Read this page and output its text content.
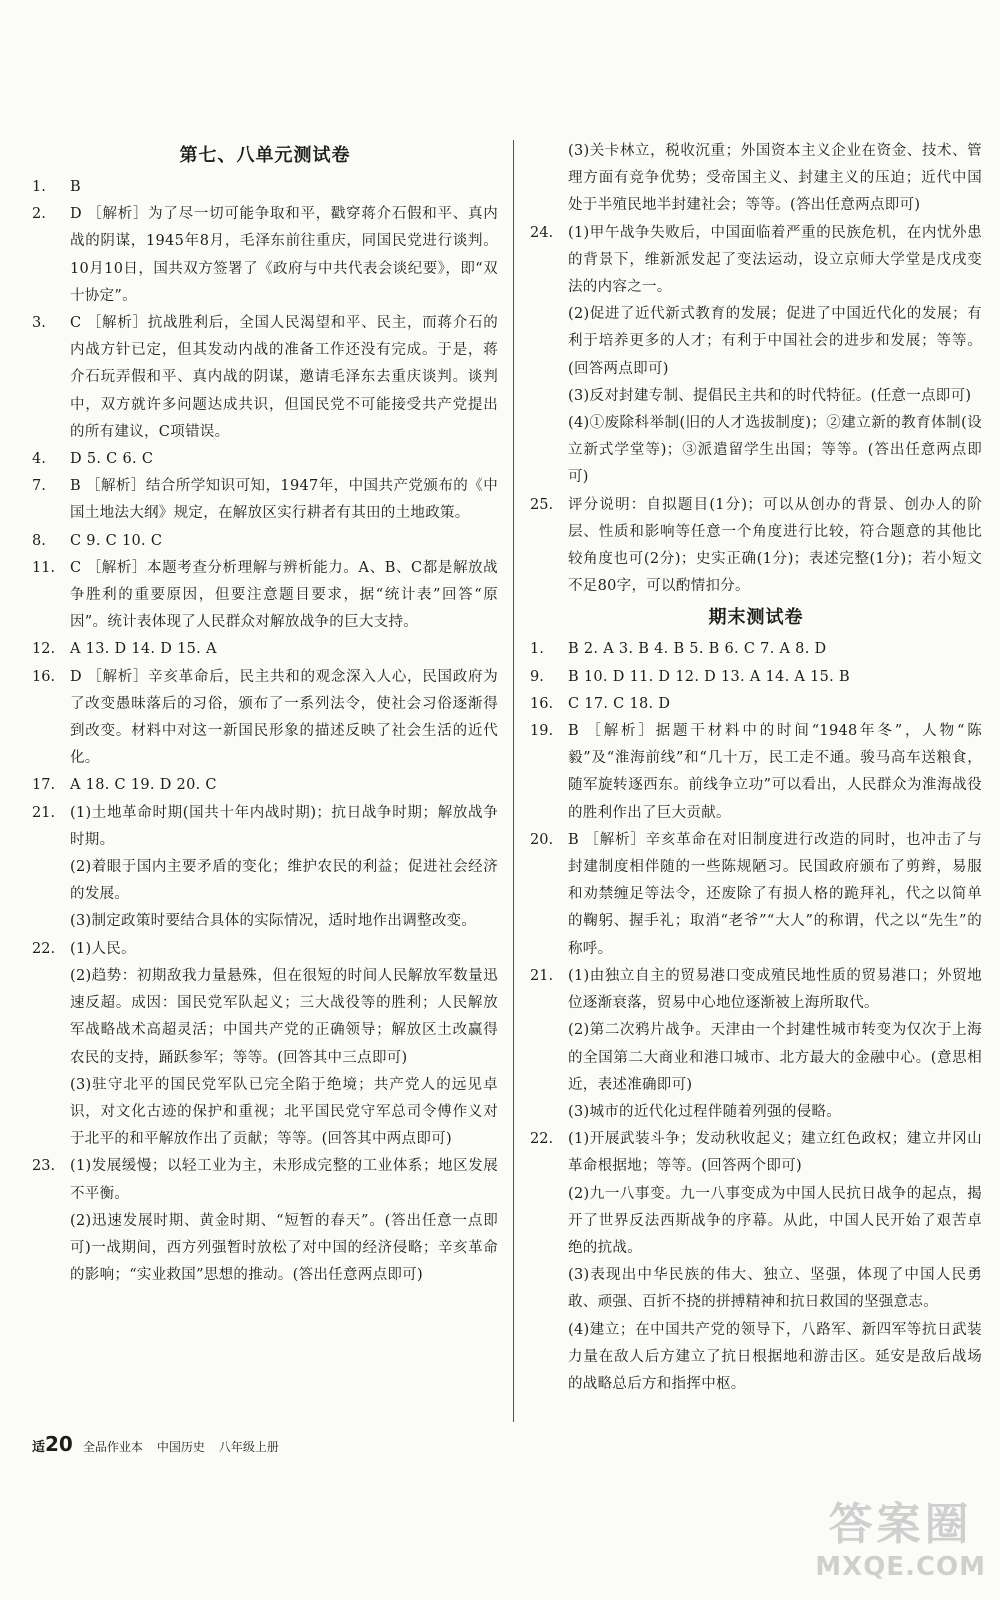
第七、八单元测试卷
1.	B
2.	D ［解析］为了尽一切可能争取和平，戳穿蒋介石假和平、真内战的阴谋，1945年8月，毛泽东前往重庆，同国民党进行谈判。10月10日，国共双方签署了《政府与中共代表会谈纪要》，即“双十协定”。
3.	C ［解析］抗战胜利后，全国人民渴望和平、民主，而蒋介石的内战方针已定，但其发动内战的准备工作还没有完成。于是，蒋介石玩弄假和平、真内战的阴谋，邀请毛泽东去重庆谈判。谈判中，双方就许多问题达成共识，但国民党不可能接受共产党提出的所有建议，C项错误。
4.	D 5. C 6. C
7.	B ［解析］结合所学知识可知，1947年，中国共产党颁布的《中国土地法大纲》规定，在解放区实行耕者有其田的土地政策。
8.	C 9. C 10. C
11.	C ［解析］本题考查分析理解与辨析能力。A、B、C都是解放战争胜利的重要原因，但要注意题目要求，据“统计表”回答“原因”。统计表体现了人民群众对解放战争的巨大支持。
12.	A 13. D 14. D 15. A
16.	D ［解析］辛亥革命后，民主共和的观念深入人心，民国政府为了改变愚昧落后的习俗，颁布了一系列法令，使社会习俗逐渐得到改变。材料中对这一新国民形象的描述反映了社会生活的近代化。
17.	A 18. C 19. D 20. C
21.	(1)土地革命时期(国共十年内战时期)；抗日战争时期；解放战争时期。
(2)着眼于国内主要矛盾的变化；维护农民的利益；促进社会经济的发展。
(3)制定政策时要结合具体的实际情况，适时地作出调整改变。
22.	(1)人民。
(2)趋势：初期敌我力量悬殊，但在很短的时间人民解放军数量迅速反超。成因：国民党军队起义；三大战役等的胜利；人民解放军战略战术高超灵活；中国共产党的正确领导；解放区土改赢得农民的支持，踊跃参军；等等。(回答其中三点即可)
(3)驻守北平的国民党军队已完全陷于绝境；共产党人的远见卓识，对文化古迹的保护和重视；北平国民党守军总司令傅作义对于北平的和平解放作出了贡献；等等。(回答其中两点即可)
23.	(1)发展缓慢；以轻工业为主，未形成完整的工业体系；地区发展不平衡。
(2)迅速发展时期、黄金时期、“短暂的春天”。(答出任意一点即可)一战期间，西方列强暂时放松了对中国的经济侵略；辛亥革命的影响；“实业救国”思想的推动。(答出任意两点即可)
(3)关卡林立，税收沉重；外国资本主义企业在资金、技术、管理方面有竞争优势；受帝国主义、封建主义的压迫；近代中国处于半殖民地半封建社会；等等。(答出任意两点即可)
24.	(1)甲午战争失败后，中国面临着严重的民族危机，在内忧外患的背景下，维新派发起了变法运动，设立京师大学堂是戊戌变法的内容之一。
(2)促进了近代新式教育的发展；促进了中国近代化的发展；有利于培养更多的人才；有利于中国社会的进步和发展；等等。(回答两点即可)
(3)反对封建专制、提倡民主共和的时代特征。(任意一点即可)
(4)①废除科举制(旧的人才选拔制度)；②建立新的教育体制(设立新式学堂等)；③派遣留学生出国；等等。(答出任意两点即可)
25.	评分说明：自拟题目(1分)；可以从创办的背景、创办人的阶层、性质和影响等任意一个角度进行比较，符合题意的其他比较角度也可(2分)；史实正确(1分)；表述完整(1分)；若小短文不足80字，可以酌情扣分。
期末测试卷
1.	B 2. A 3. B 4. B 5. B 6. C 7. A 8. D
9.	B 10. D 11. D 12. D 13. A 14. A 15. B
16.	C 17. C 18. D
19.	B ［解析］据题干材料中的时间“1948年冬”，人物“陈毅”及“淮海前线”和“几十万，民工走不通。骏马高车送粮食，随军旋转逐西东。前线争立功”可以看出，人民群众为淮海战役的胜利作出了巨大贡献。
20.	B ［解析］辛亥革命在对旧制度进行改造的同时，也冲击了与封建制度相伴随的一些陈规陋习。民国政府颁布了剪辫，易服和劝禁缠足等法令，还废除了有损人格的跪拜礼，代之以简单的鞠躬、握手礼；取消“老爷”“大人”的称谓，代之以“先生”的称呼。
21.	(1)由独立自主的贸易港口变成殖民地性质的贸易港口；外贸地位逐渐衰落，贸易中心地位逐渐被上海所取代。
(2)第二次鸦片战争。天津由一个封建性城市转变为仅次于上海的全国第二大商业和港口城市、北方最大的金融中心。(意思相近，表述准确即可)
(3)城市的近代化过程伴随着列强的侵略。
22.	(1)开展武装斗争；发动秋收起义；建立红色政权；建立井冈山革命根据地；等等。(回答两个即可)
(2)九一八事变。九一八事变成为中国人民抗日战争的起点，揭开了世界反法西斯战争的序幕。从此，中国人民开始了艰苦卓绝的抗战。
(3)表现出中华民族的伟大、独立、坚强，体现了中国人民勇敢、顽强、百折不挠的拼搏精神和抗日救国的坚强意志。
(4)建立；在中国共产党的领导下，八路军、新四军等抗日武装力量在敌人后方建立了抗日根据地和游击区。延安是敌后战场的战略总后方和指挥中枢。
适20 全品作业本 中国历史 八年级上册
答案圈
MXQE.COM
